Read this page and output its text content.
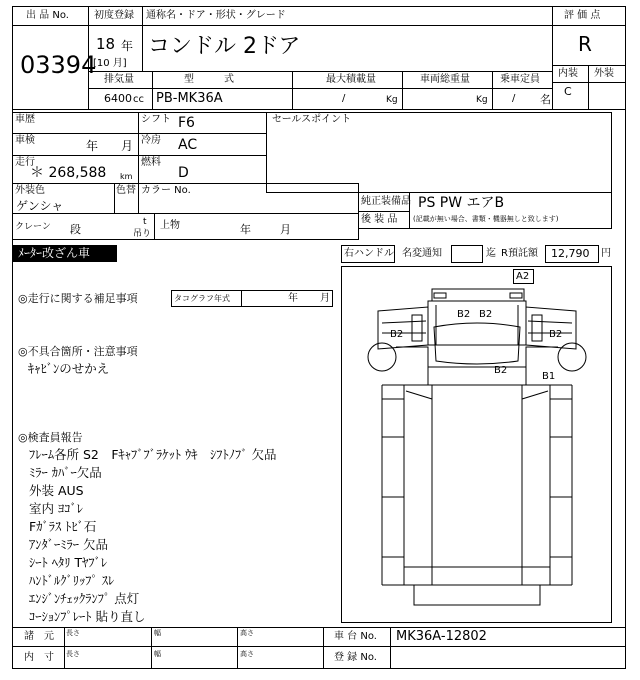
出 品 No.
03394
初度登録 通称名・ドア・形状・グレード
18 年
[10 月]
コンドル 2ドア
評 価 点
R
内装 外装
C
排気量	型　　　式	最大積載量	車両総重量	乗車定員
6400 cc PB-MK36A	/	Kg	Kg / 名
車歴	シフト F6	セールスポイント
車検	年 月 冷房 AC
走行
＊ 268,588 km
燃料
D
外装色
ゲンシャ
色替 カラー No.
純正装備品 PS PW エアB
後 装 品 (記載が無い場合、書類・機器無しと致します)
クレーン 段
t
吊り
上物	年	月
ﾒｰﾀｰ改ざん車	右ハンドル 名変通知	迄 R預託額 12,790 円
◎走行に関する補足事項	タコグラフ年式	年 月
◎不具合箇所・注意事項
ｷｬﾋﾞﾝのせかえ
◎検査員報告
ﾌﾚｰﾑ各所 S2　Fｷｬﾌﾞﾌﾞﾗｹｯﾄ ｳｷ　ｼﾌﾄﾉﾌﾞ 欠品
ﾐﾗｰ ｶﾊﾞｰ欠品
外装 AUS
室内 ﾖｺﾞﾚ
Fｶﾞﾗｽ ﾄﾋﾞ石
ｱﾝﾀﾞｰﾐﾗｰ 欠品
ｼｰﾄ ﾍﾀﾘ Tﾔﾌﾞﾚ
ﾊﾝﾄﾞﾙｸﾞﾘｯﾌﾟ ｽﾚ
ｴﾝｼﾞﾝﾁｪｯｸﾗﾝﾌﾟ 点灯
ｺｰｼｮﾝﾌﾟﾚｰﾄ 貼り直し
A2
B2 B2
B2	B2
B2
B1
諸　元
内　寸
長さ	幅	高さ
長さ	幅	高さ
車 台 No. MK36A-12802
登 録 No.
